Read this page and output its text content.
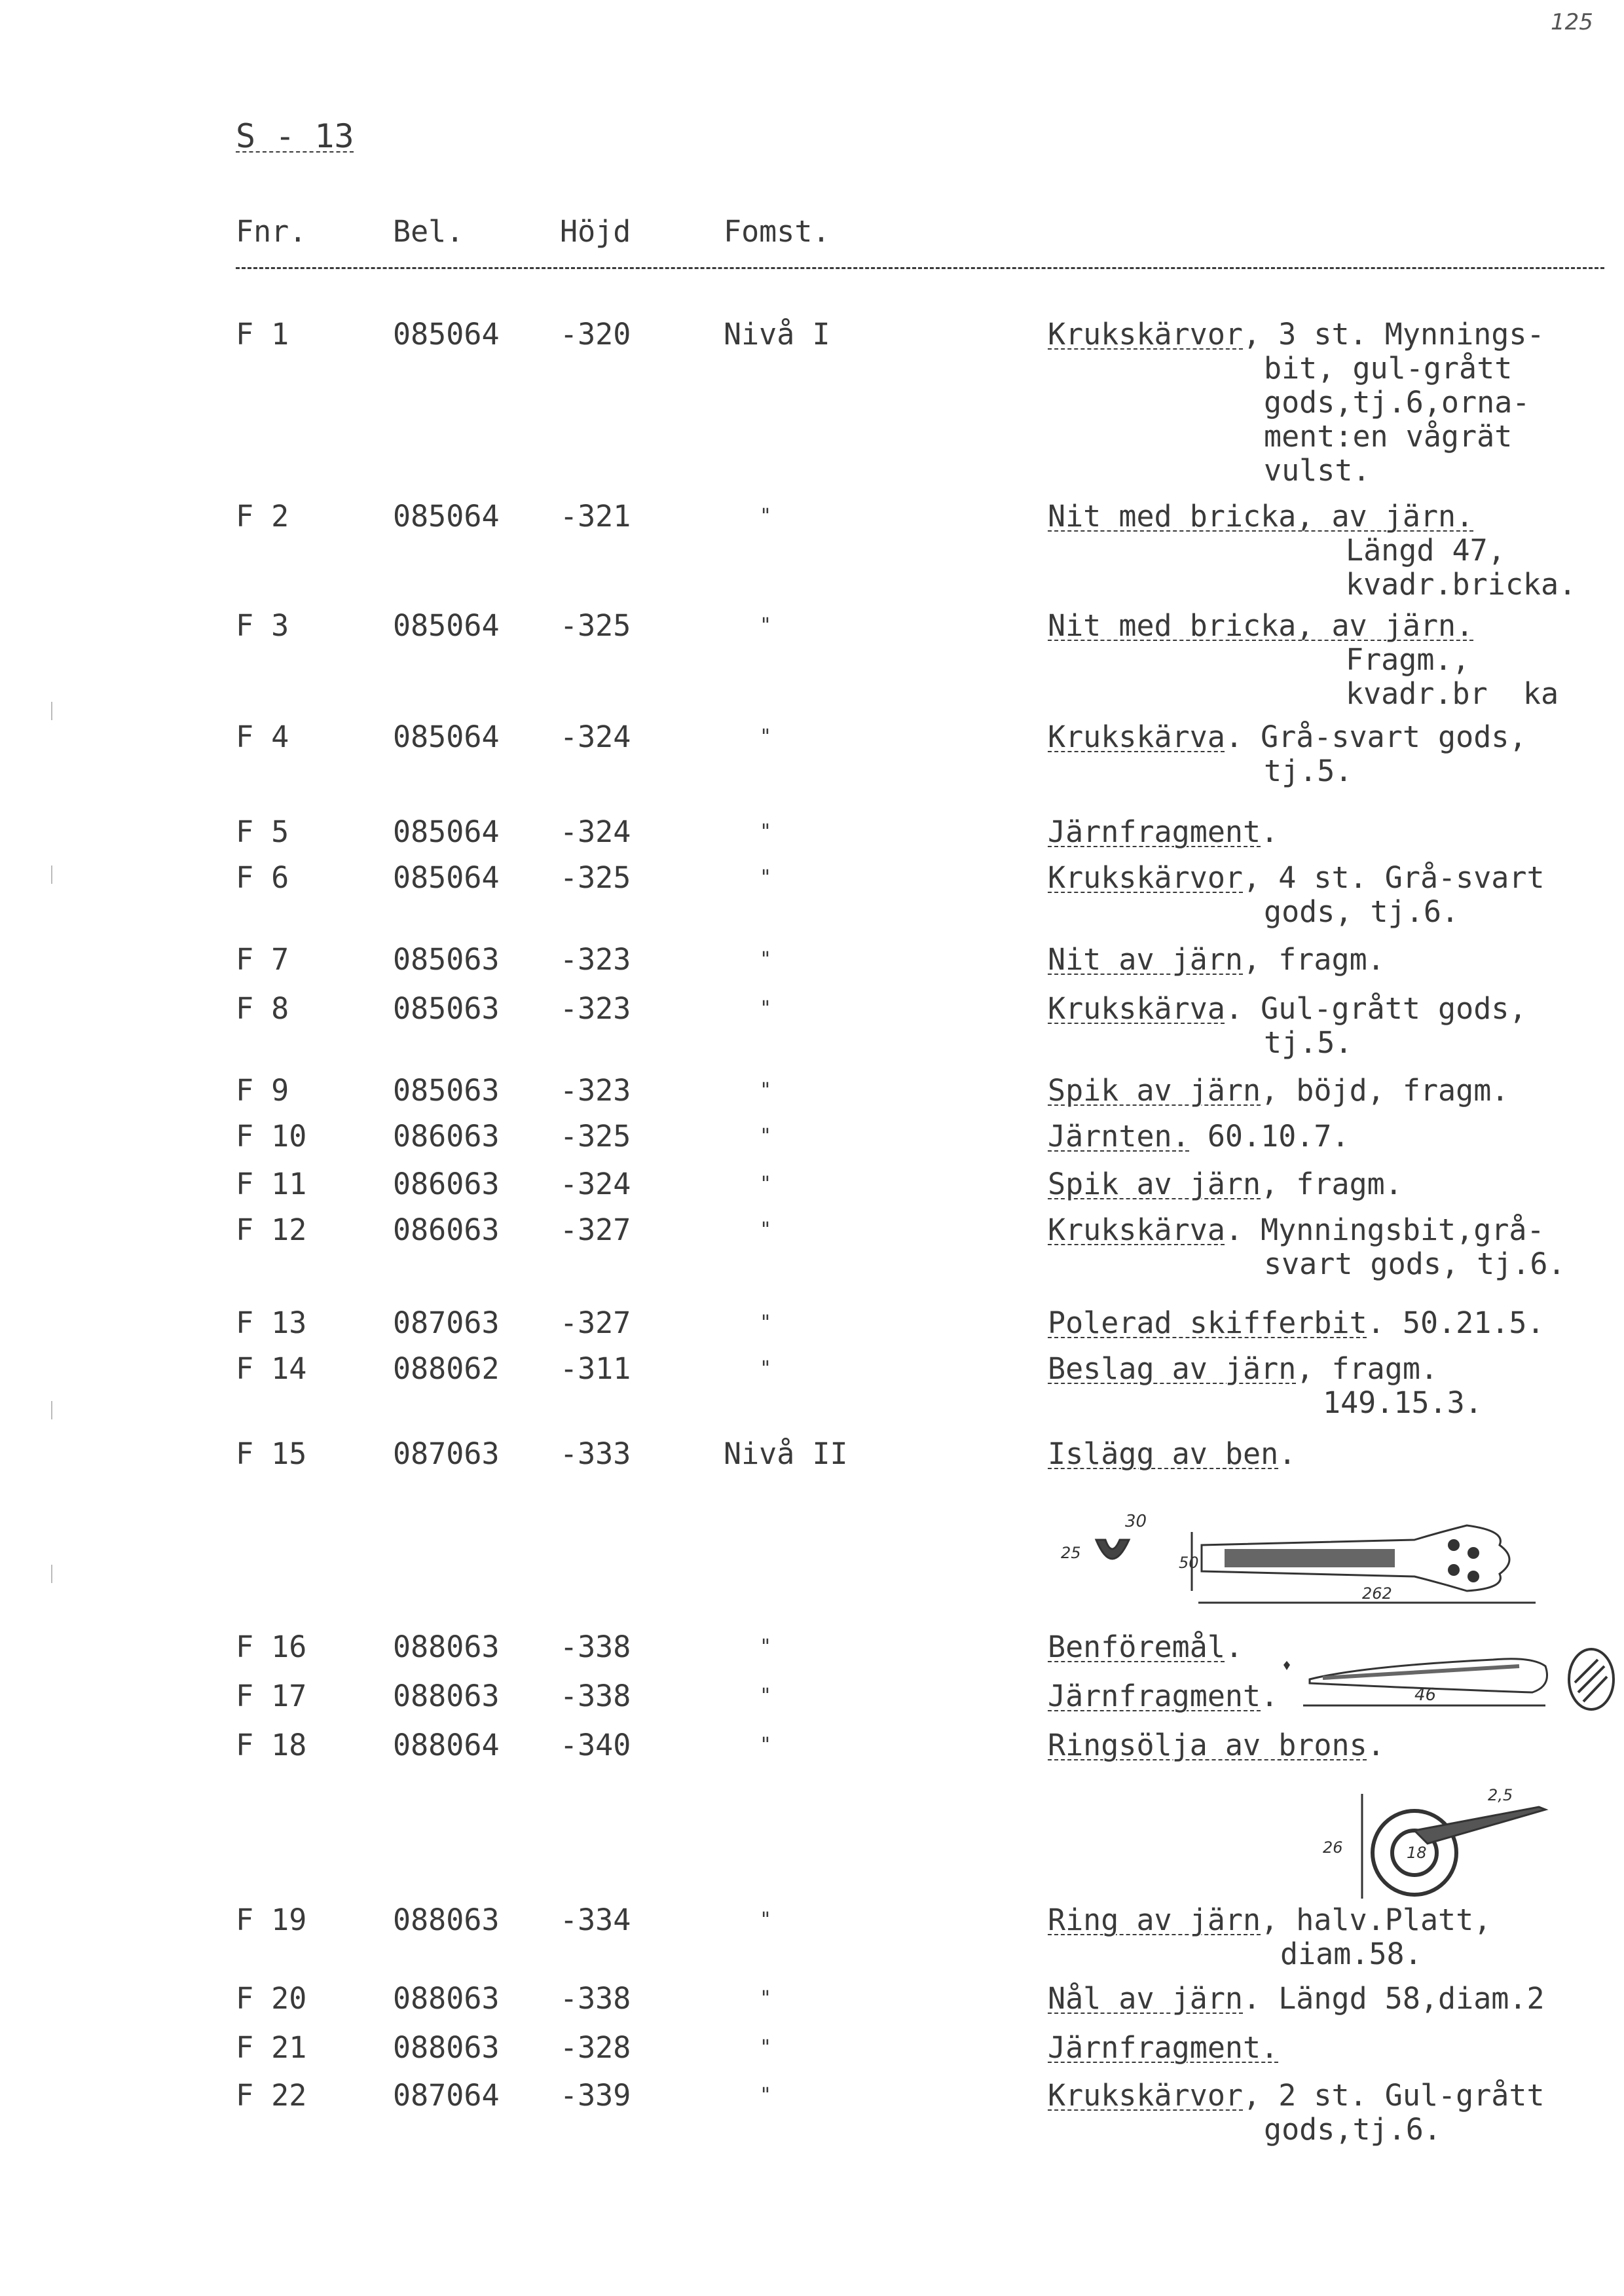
125
S - 13
Fnr.	Bel.	Höjd	Fomst.
F 1	085064 -320	Nivå I	Krukskärvor, 3 st. Mynnings-
bit, gul-grått
gods,tj.6,orna-
ment:en vågrät
vulst.
F 2	085064 -321	"	Nit med bricka, av järn.
Längd 47,
kvadr.bricka.
F 3	085064 -325	"	Nit med bricka, av järn.
Fragm.,
kvadr.br  ka
F 4	085064 -324	"	Krukskärva. Grå-svart gods,
tj.5.
F 5	085064 -324	"	Järnfragment.
F 6	085064 -325	"	Krukskärvor, 4 st. Grå-svart
gods, tj.6.
F 7	085063 -323	"	Nit av järn, fragm.
F 8	085063 -323	"	Krukskärva. Gul-grått gods,
tj.5.
F 9	085063 -323	"	Spik av järn, böjd, fragm.
F 10	086063 -325	"	Järnten. 60.10.7.
F 11	086063 -324	"	Spik av järn, fragm.
F 12	086063 -327	"	Krukskärva. Mynningsbit,grå-
svart gods, tj.6.
F 13	087063 -327	"	Polerad skifferbit. 50.21.5.
F 14	088062 -311	"	Beslag av järn, fragm.
149.15.3.
F 15	087063 -333	Nivå II	Islägg av ben.
F 16	088063 -338	"	Benföremål.
F 17	088063 -338	"	Järnfragment.
F 18	088064 -340	"	Ringsölja av brons.
F 19	088063 -334	"	Ring av järn, halv.Platt,
diam.58.
F 20	088063 -338	"	Nål av järn. Längd 58,diam.2
F 21	088063 -328	"	Järnfragment.
F 22	087064 -339	"	Krukskärvor, 2 st. Gul-grått
gods,tj.6.
30
25
50
262
46
26	18
2,5
